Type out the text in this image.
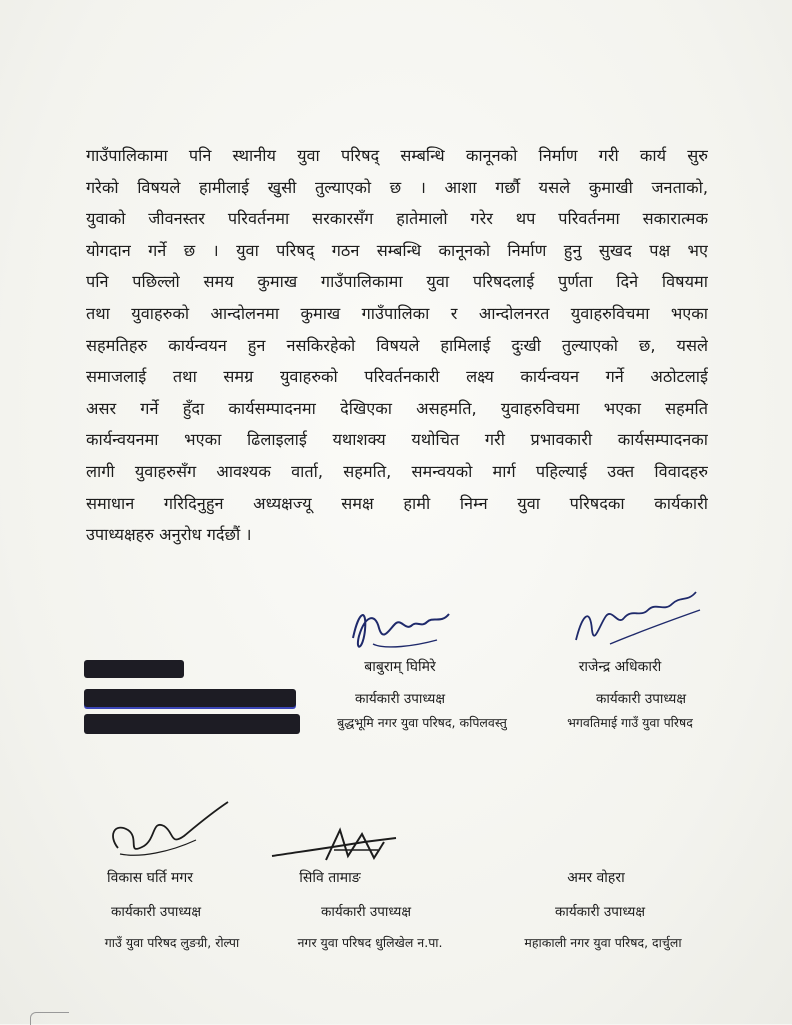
गाउँपालिकामा पनि स्थानीय युवा परिषद् सम्बन्धि कानूनको निर्माण गरी कार्य सुरु
गरेको विषयले हामीलाई खुसी तुल्याएको छ । आशा गर्छौ यसले कुमाखी जनताको,
युवाको जीवनस्तर परिवर्तनमा सरकारसँग हातेमालो गरेर थप परिवर्तनमा सकारात्मक
योगदान गर्ने छ । युवा परिषद् गठन सम्बन्धि कानूनको निर्माण हुनु सुखद पक्ष भए
पनि पछिल्लो समय कुमाख गाउँपालिकामा युवा परिषदलाई पुर्णता दिने विषयमा
तथा युवाहरुको आन्दोलनमा कुमाख गाउँपालिका र आन्दोलनरत युवाहरुविचमा भएका
सहमतिहरु कार्यन्वयन हुन नसकिरहेको विषयले हामिलाई दुःखी तुल्याएको छ, यसले
समाजलाई तथा समग्र युवाहरुको परिवर्तनकारी लक्ष्य कार्यन्वयन गर्ने अठोटलाई
असर गर्ने हुँदा कार्यसम्पादनमा देखिएका असहमति, युवाहरुविचमा भएका सहमति
कार्यन्वयनमा भएका ढिलाइलाई यथाशक्य यथोचित गरी प्रभावकारी कार्यसम्पादनका
लागी युवाहरुसँग आवश्यक वार्ता, सहमति, समन्वयको मार्ग पहिल्याई उक्त विवादहरु
समाधान गरिदिनुहुन अध्यक्षज्यू समक्ष हामी निम्न युवा परिषदका कार्यकारी
उपाध्यक्षहरु अनुरोध गर्दछौं ।
बाबुराम् घिमिरे
कार्यकारी उपाध्यक्ष
बुद्धभूमि नगर युवा परिषद, कपिलवस्तु
राजेन्द्र अधिकारी
कार्यकारी उपाध्यक्ष
भगवतिमाई गाउँ युवा परिषद
विकास घर्ति मगर
कार्यकारी उपाध्यक्ष
गाउँ युवा परिषद लुङग्री, रोल्पा
सिवि तामाङ
कार्यकारी उपाध्यक्ष
नगर युवा परिषद धुलिखेल न.पा.
अमर वोहरा
कार्यकारी उपाध्यक्ष
महाकाली नगर युवा परिषद, दार्चुला
